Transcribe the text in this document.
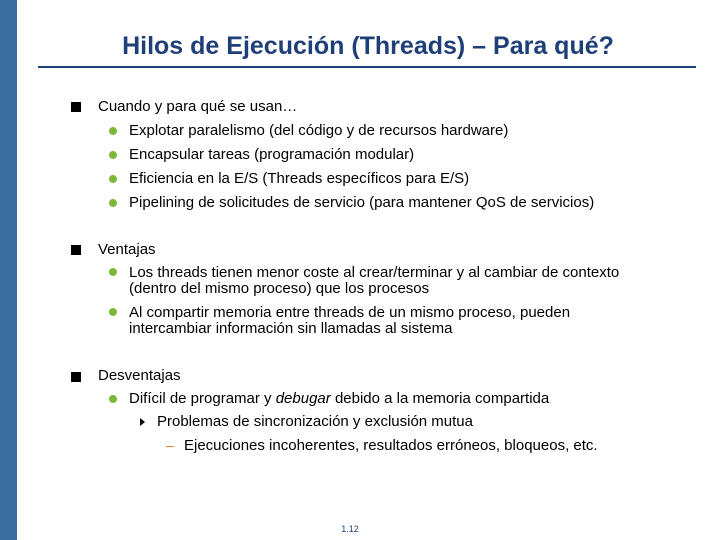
Hilos de Ejecución (Threads) – Para qué?
Cuando y para qué se usan…
Explotar paralelismo (del código y de recursos hardware)
Encapsular tareas (programación modular)
Eficiencia en la E/S (Threads específicos para E/S)
Pipelining de solicitudes de servicio (para mantener QoS de servicios)
Ventajas
Los threads tienen menor coste al crear/terminar y al cambiar de contexto
(dentro del mismo proceso) que los procesos
Al compartir memoria entre threads de un mismo proceso, pueden
intercambiar información sin llamadas al sistema
Desventajas
Difícil de programar y debugar debido a la memoria compartida
Problemas de sincronización y exclusión mutua
Ejecuciones incoherentes, resultados erróneos, bloqueos, etc.
1.12
